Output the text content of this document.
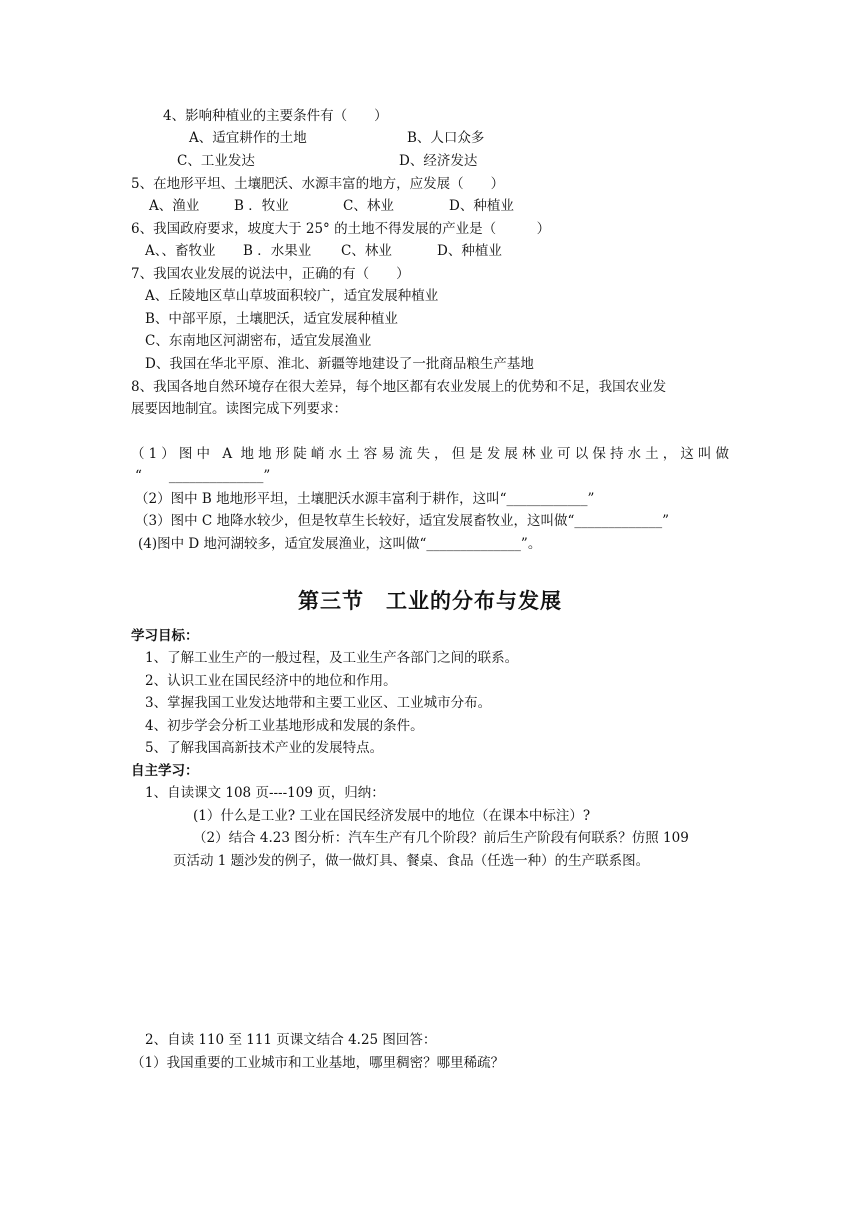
4、影响种植业的主要条件有（　　）
A、适宜耕作的土地	B、人口众多
C、工业发达	D、经济发达
5、在地形平坦、土壤肥沃、水源丰富的地方，应发展（　　）
A、渔业	B ．牧业	C、林业	D、种植业
6、我国政府要求，坡度大于 25° 的土地不得发展的产业是（　　　）
A、、畜牧业 B ．水果业 C、林业	D、种植业
7、我国农业发展的说法中，正确的有（　　）
A、丘陵地区草山草坡面积较广，适宜发展种植业
B、中部平原，土壤肥沃，适宜发展种植业
C、东南地区河湖密布，适宜发展渔业
D、我国在华北平原、淮北、新疆等地建设了一批商品粮生产基地
8、我国各地自然环境存在很大差异，每个地区都有农业发展上的优势和不足，我国农业发
展要因地制宜。读图完成下列要求：
（1）图中 A 地地形陡峭水土容易流失，但是发展林业可以保持水土，这叫做
“　　______________”
（2）图中 B 地地形平坦，土壤肥沃水源丰富利于耕作，这叫“____________”
（3）图中 C 地降水较少，但是牧草生长较好，适宜发展畜牧业，这叫做“_____________”
(4)图中 D 地河湖较多，适宜发展渔业，这叫做“______________”。
第三节　工业的分布与发展
学习目标：
1、了解工业生产的一般过程，及工业生产各部门之间的联系。
2、认识工业在国民经济中的地位和作用。
3、掌握我国工业发达地带和主要工业区、工业城市分布。
4、初步学会分析工业基地形成和发展的条件。
5、了解我国高新技术产业的发展特点。
自主学习：
1、自读课文 108 页----109 页，归纳：
(1）什么是工业? 工业在国民经济发展中的地位（在课本中标注）?
（2）结合 4.23 图分析：汽车生产有几个阶段？前后生产阶段有何联系？仿照 109
页活动 1 题沙发的例子，做一做灯具、餐桌、食品（任选一种）的生产联系图。
2、自读 110 至 111 页课文结合 4.25 图回答：
（1）我国重要的工业城市和工业基地，哪里稠密？哪里稀疏？
